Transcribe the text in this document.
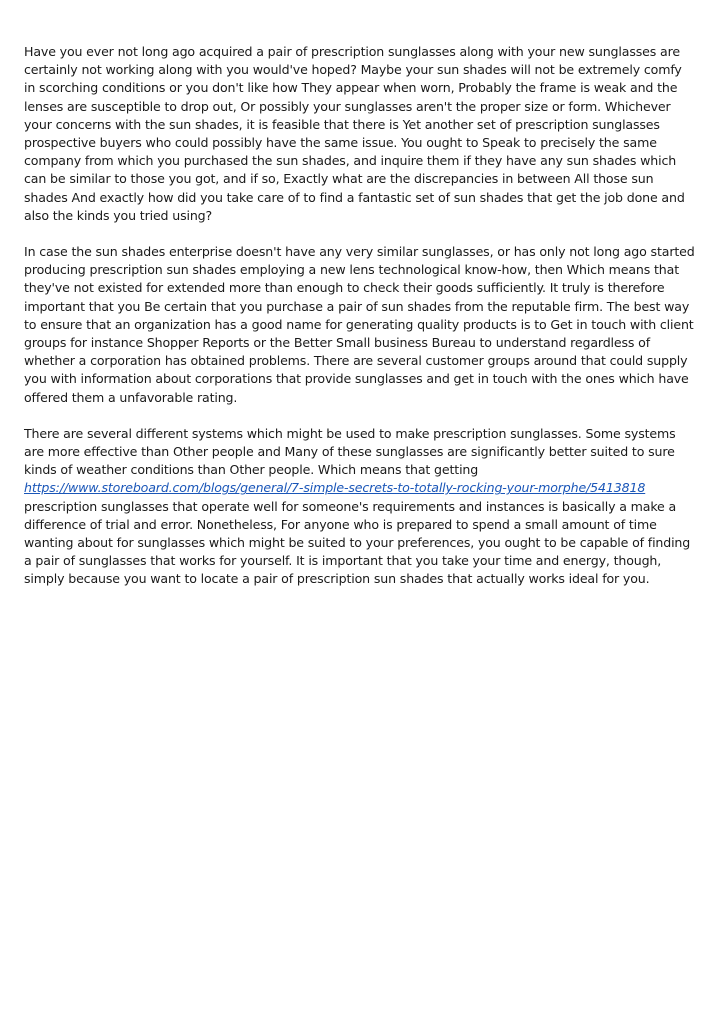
Have you ever not long ago acquired a pair of prescription sunglasses along with your new sunglasses are certainly not working along with you would've hoped? Maybe your sun shades will not be extremely comfy in scorching conditions or you don't like how They appear when worn, Probably the frame is weak and the lenses are susceptible to drop out, Or possibly your sunglasses aren't the proper size or form. Whichever your concerns with the sun shades, it is feasible that there is Yet another set of prescription sunglasses prospective buyers who could possibly have the same issue. You ought to Speak to precisely the same company from which you purchased the sun shades, and inquire them if they have any sun shades which can be similar to those you got, and if so, Exactly what are the discrepancies in between All those sun shades And exactly how did you take care of to find a fantastic set of sun shades that get the job done and also the kinds you tried using?

In case the sun shades enterprise doesn't have any very similar sunglasses, or has only not long ago started producing prescription sun shades employing a new lens technological know-how, then Which means that they've not existed for extended more than enough to check their goods sufficiently. It truly is therefore important that you Be certain that you purchase a pair of sun shades from the reputable firm. The best way to ensure that an organization has a good name for generating quality products is to Get in touch with client groups for instance Shopper Reports or the Better Small business Bureau to understand regardless of whether a corporation has obtained problems. There are several customer groups around that could supply you with information about corporations that provide sunglasses and get in touch with the ones which have offered them a unfavorable rating.

There are several different systems which might be used to make prescription sunglasses. Some systems are more effective than Other people and Many of these sunglasses are significantly better suited to sure kinds of weather conditions than Other people. Which means that getting https://www.storeboard.com/blogs/general/7-simple-secrets-to-totally-rocking-your-morphe/5413818 prescription sunglasses that operate well for someone's requirements and instances is basically a make a difference of trial and error. Nonetheless, For anyone who is prepared to spend a small amount of time wanting about for sunglasses which might be suited to your preferences, you ought to be capable of finding a pair of sunglasses that works for yourself. It is important that you take your time and energy, though, simply because you want to locate a pair of prescription sun shades that actually works ideal for you.
